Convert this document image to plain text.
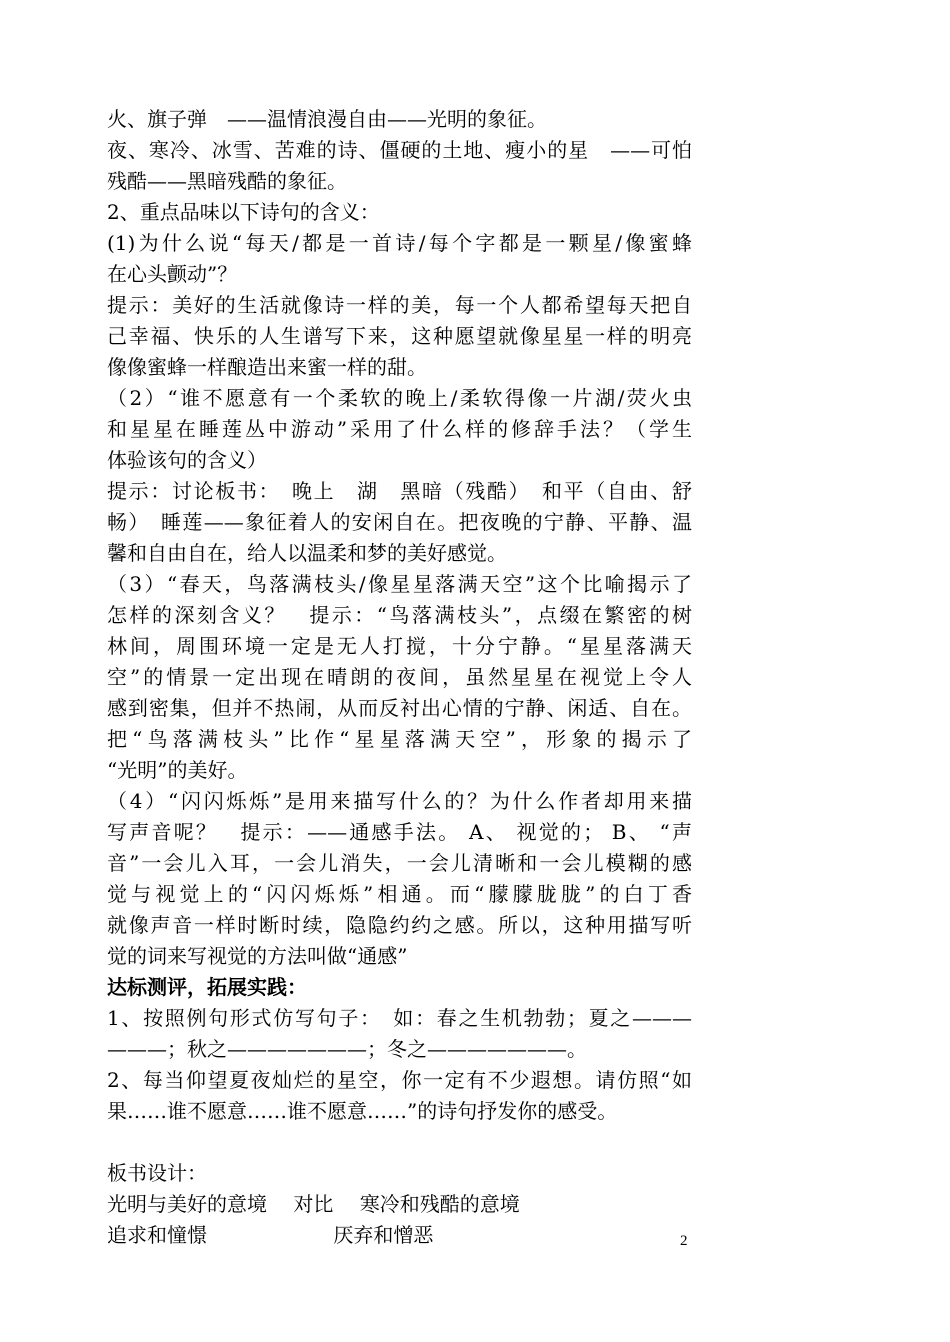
火、旗子弹　——温情浪漫自由——光明的象征。
夜、寒冷、冰雪、苦难的诗、僵硬的土地、瘦小的星　——可怕
残酷——黑暗残酷的象征。
2、重点品味以下诗句的含义：
(1)为什么说“每天/都是一首诗/每个字都是一颗星/像蜜蜂
在心头颤动”？
提示：美好的生活就像诗一样的美，每一个人都希望每天把自
己幸福、快乐的人生谱写下来，这种愿望就像星星一样的明亮
像像蜜蜂一样酿造出来蜜一样的甜。
（2）“谁不愿意有一个柔软的晚上/柔软得像一片湖/荧火虫
和星星在睡莲丛中游动”采用了什么样的修辞手法？（学生
体验该句的含义）
提示：讨论板书：　晚上　湖　黑暗（残酷）　和平（自由、舒
畅）　睡莲——象征着人的安闲自在。把夜晚的宁静、平静、温
馨和自由自在，给人以温柔和梦的美好感觉。
（3）“春天，鸟落满枝头/像星星落满天空”这个比喻揭示了
怎样的深刻含义？　提示：“鸟落满枝头”，点缀在繁密的树
林间，周围环境一定是无人打搅，十分宁静。“星星落满天
空”的情景一定出现在晴朗的夜间，虽然星星在视觉上令人
感到密集，但并不热闹，从而反衬出心情的宁静、闲适、自在。
把“鸟落满枝头”比作“星星落满天空”，形象的揭示了
“光明”的美好。
（4）“闪闪烁烁”是用来描写什么的？为什么作者却用来描
写声音呢？　提示：——通感手法。 A、 视觉的； B、 “声
音”一会儿入耳，一会儿消失，一会儿清晰和一会儿模糊的感
觉与视觉上的“闪闪烁烁”相通。而“朦朦胧胧”的白丁香
就像声音一样时断时续，隐隐约约之感。所以，这种用描写听
觉的词来写视觉的方法叫做“通感”
达标测评，拓展实践：
1、按照例句形式仿写句子：　如：春之生机勃勃；夏之———
———；秋之———————；冬之———————。
2、每当仰望夏夜灿烂的星空，你一定有不少遐想。请仿照“如
果……谁不愿意……谁不愿意……”的诗句抒发你的感受。
板书设计：
光明与美好的意境　 对比　 寒冷和残酷的意境
追求和憧憬　　　　　　 厌弃和憎恶	2
